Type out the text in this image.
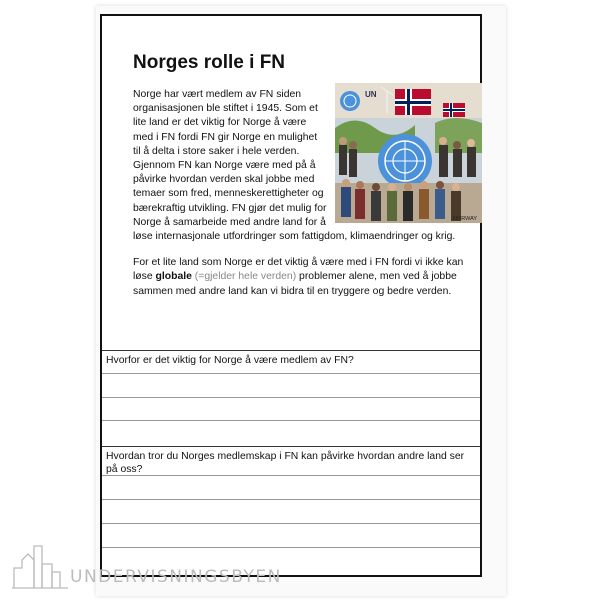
Norges rolle i FN
UN
NORWAY

Norge har vært medlem av FN siden organisasjonen ble stiftet i 1945. Som et lite land er det viktig for Norge å være med i FN fordi FN gir Norge en mulighet til å delta i store saker i hele verden. Gjennom FN kan Norge være med på å påvirke hvordan verden skal jobbe med temaer som fred, menneskerettigheter og bærekraftig utvikling. FN gjør det mulig for Norge å samarbeide med andre land for å løse internasjonale utfordringer som fattigdom, klimaendringer og krig.

For et lite land som Norge er det viktig å være med i FN fordi vi ikke kan løse globale (=gjelder hele verden) problemer alene, men ved å jobbe sammen med andre land kan vi bidra til en tryggere og bedre verden.

Hvorfor er det viktig for Norge å være medlem av FN?

Hvordan tror du Norges medlemskap i FN kan påvirke hvordan andre land ser på oss?

UNDERVISNINGSBYEN
